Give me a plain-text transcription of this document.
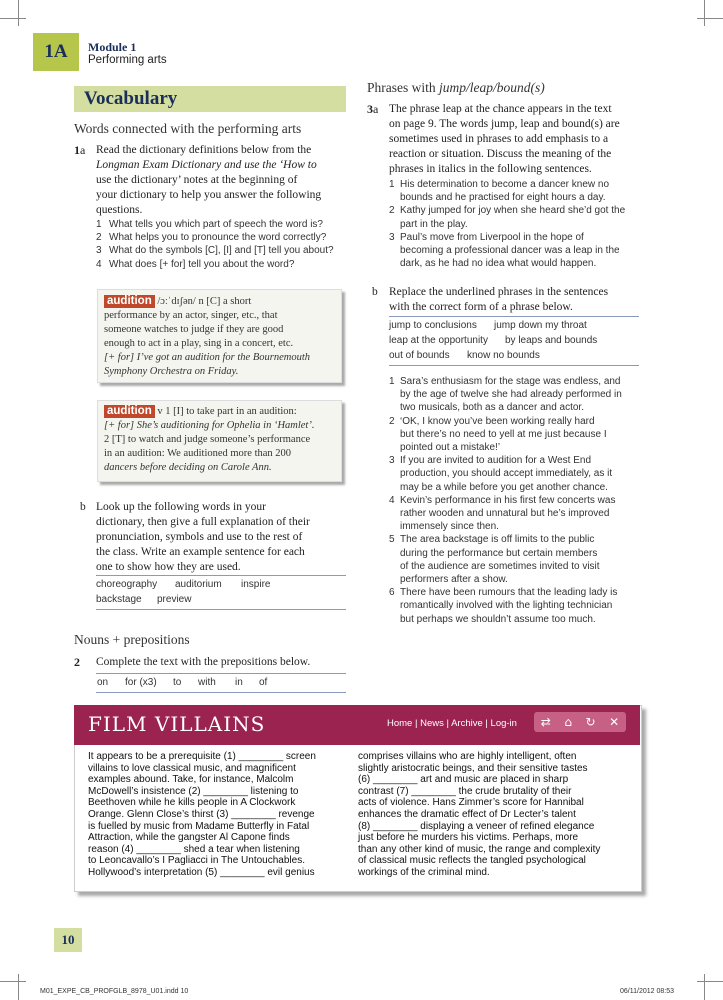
1A	Module 1
Performing arts
Vocabulary
Words connected with the performing arts
1a Read the dictionary definitions below from the
Longman Exam Dictionary and use the ‘How to
use the dictionary’ notes at the beginning of
your dictionary to help you answer the following
questions.
1 What tells you which part of speech the word is?
2 What helps you to pronounce the word correctly?
3 What do the symbols [C], [I] and [T] tell you about?
4 What does [+ for] tell you about the word?
audition /ɔːˈdɪʃən/ n [C] a short
performance by an actor, singer, etc., that
someone watches to judge if they are good
enough to act in a play, sing in a concert, etc.
[+ for] I’ve got an audition for the Bournemouth
Symphony Orchestra on Friday.
audition v 1 [I] to take part in an audition:
[+ for] She’s auditioning for Ophelia in ‘Hamlet’.
2 [T] to watch and judge someone’s performance
in an audition: We auditioned more than 200
dancers before deciding on Carole Ann.
b Look up the following words in your
dictionary, then give a full explanation of their
pronunciation, symbols and use to the rest of
the class. Write an example sentence for each
one to show how they are used.
choreography auditorium inspire
backstage preview
Nouns + prepositions
2 Complete the text with the prepositions below.
on for (x3) to with in of
Phrases with jump/leap/bound(s)
3a The phrase leap at the chance appears in the text
on page 9. The words jump, leap and bound(s) are
sometimes used in phrases to add emphasis to a
reaction or situation. Discuss the meaning of the
phrases in italics in the following sentences.
1 His determination to become a dancer knew no
bounds and he practised for eight hours a day.
2 Kathy jumped for joy when she heard she’d got the
part in the play.
3 Paul’s move from Liverpool in the hope of
becoming a professional dancer was a leap in the
dark, as he had no idea what would happen.
b Replace the underlined phrases in the sentences
with the correct form of a phrase below.
jump to conclusions jump down my throat
leap at the opportunity by leaps and bounds
out of bounds know no bounds
1 Sara’s enthusiasm for the stage was endless, and
by the age of twelve she had already performed in
two musicals, both as a dancer and actor.
2 ‘OK, I know you’ve been working really hard
but there’s no need to yell at me just because I
pointed out a mistake!’
3 If you are invited to audition for a West End
production, you should accept immediately, as it
may be a while before you get another chance.
4 Kevin’s performance in his first few concerts was
rather wooden and unnatural but he’s improved
immensely since then.
5 The area backstage is off limits to the public
during the performance but certain members
of the audience are sometimes invited to visit
performers after a show.
6 There have been rumours that the leading lady is
romantically involved with the lighting technician
but perhaps we shouldn’t assume too much.
FILM VILLAINS	Home | News | Archive | Log-in ⇄ ⌂ ↻ ✕
It appears to be a prerequisite (1) ________ screen
villains to love classical music, and magnificent
examples abound. Take, for instance, Malcolm
McDowell’s insistence (2) ________ listening to
Beethoven while he kills people in A Clockwork
Orange. Glenn Close’s thirst (3) ________ revenge
is fuelled by music from Madame Butterfly in Fatal
Attraction, while the gangster Al Capone finds
reason (4) ________ shed a tear when listening
to Leoncavallo’s I Pagliacci in The Untouchables.
Hollywood’s interpretation (5) ________ evil genius
comprises villains who are highly intelligent, often
slightly aristocratic beings, and their sensitive tastes
(6) ________ art and music are placed in sharp
contrast (7) ________ the crude brutality of their
acts of violence. Hans Zimmer’s score for Hannibal
enhances the dramatic effect of Dr Lecter’s talent
(8) ________ displaying a veneer of refined elegance
just before he murders his victims. Perhaps, more
than any other kind of music, the range and complexity
of classical music reflects the tangled psychological
workings of the criminal mind.
10
M01_EXPE_CB_PROFGLB_8978_U01.indd 10	06/11/2012 08:53
